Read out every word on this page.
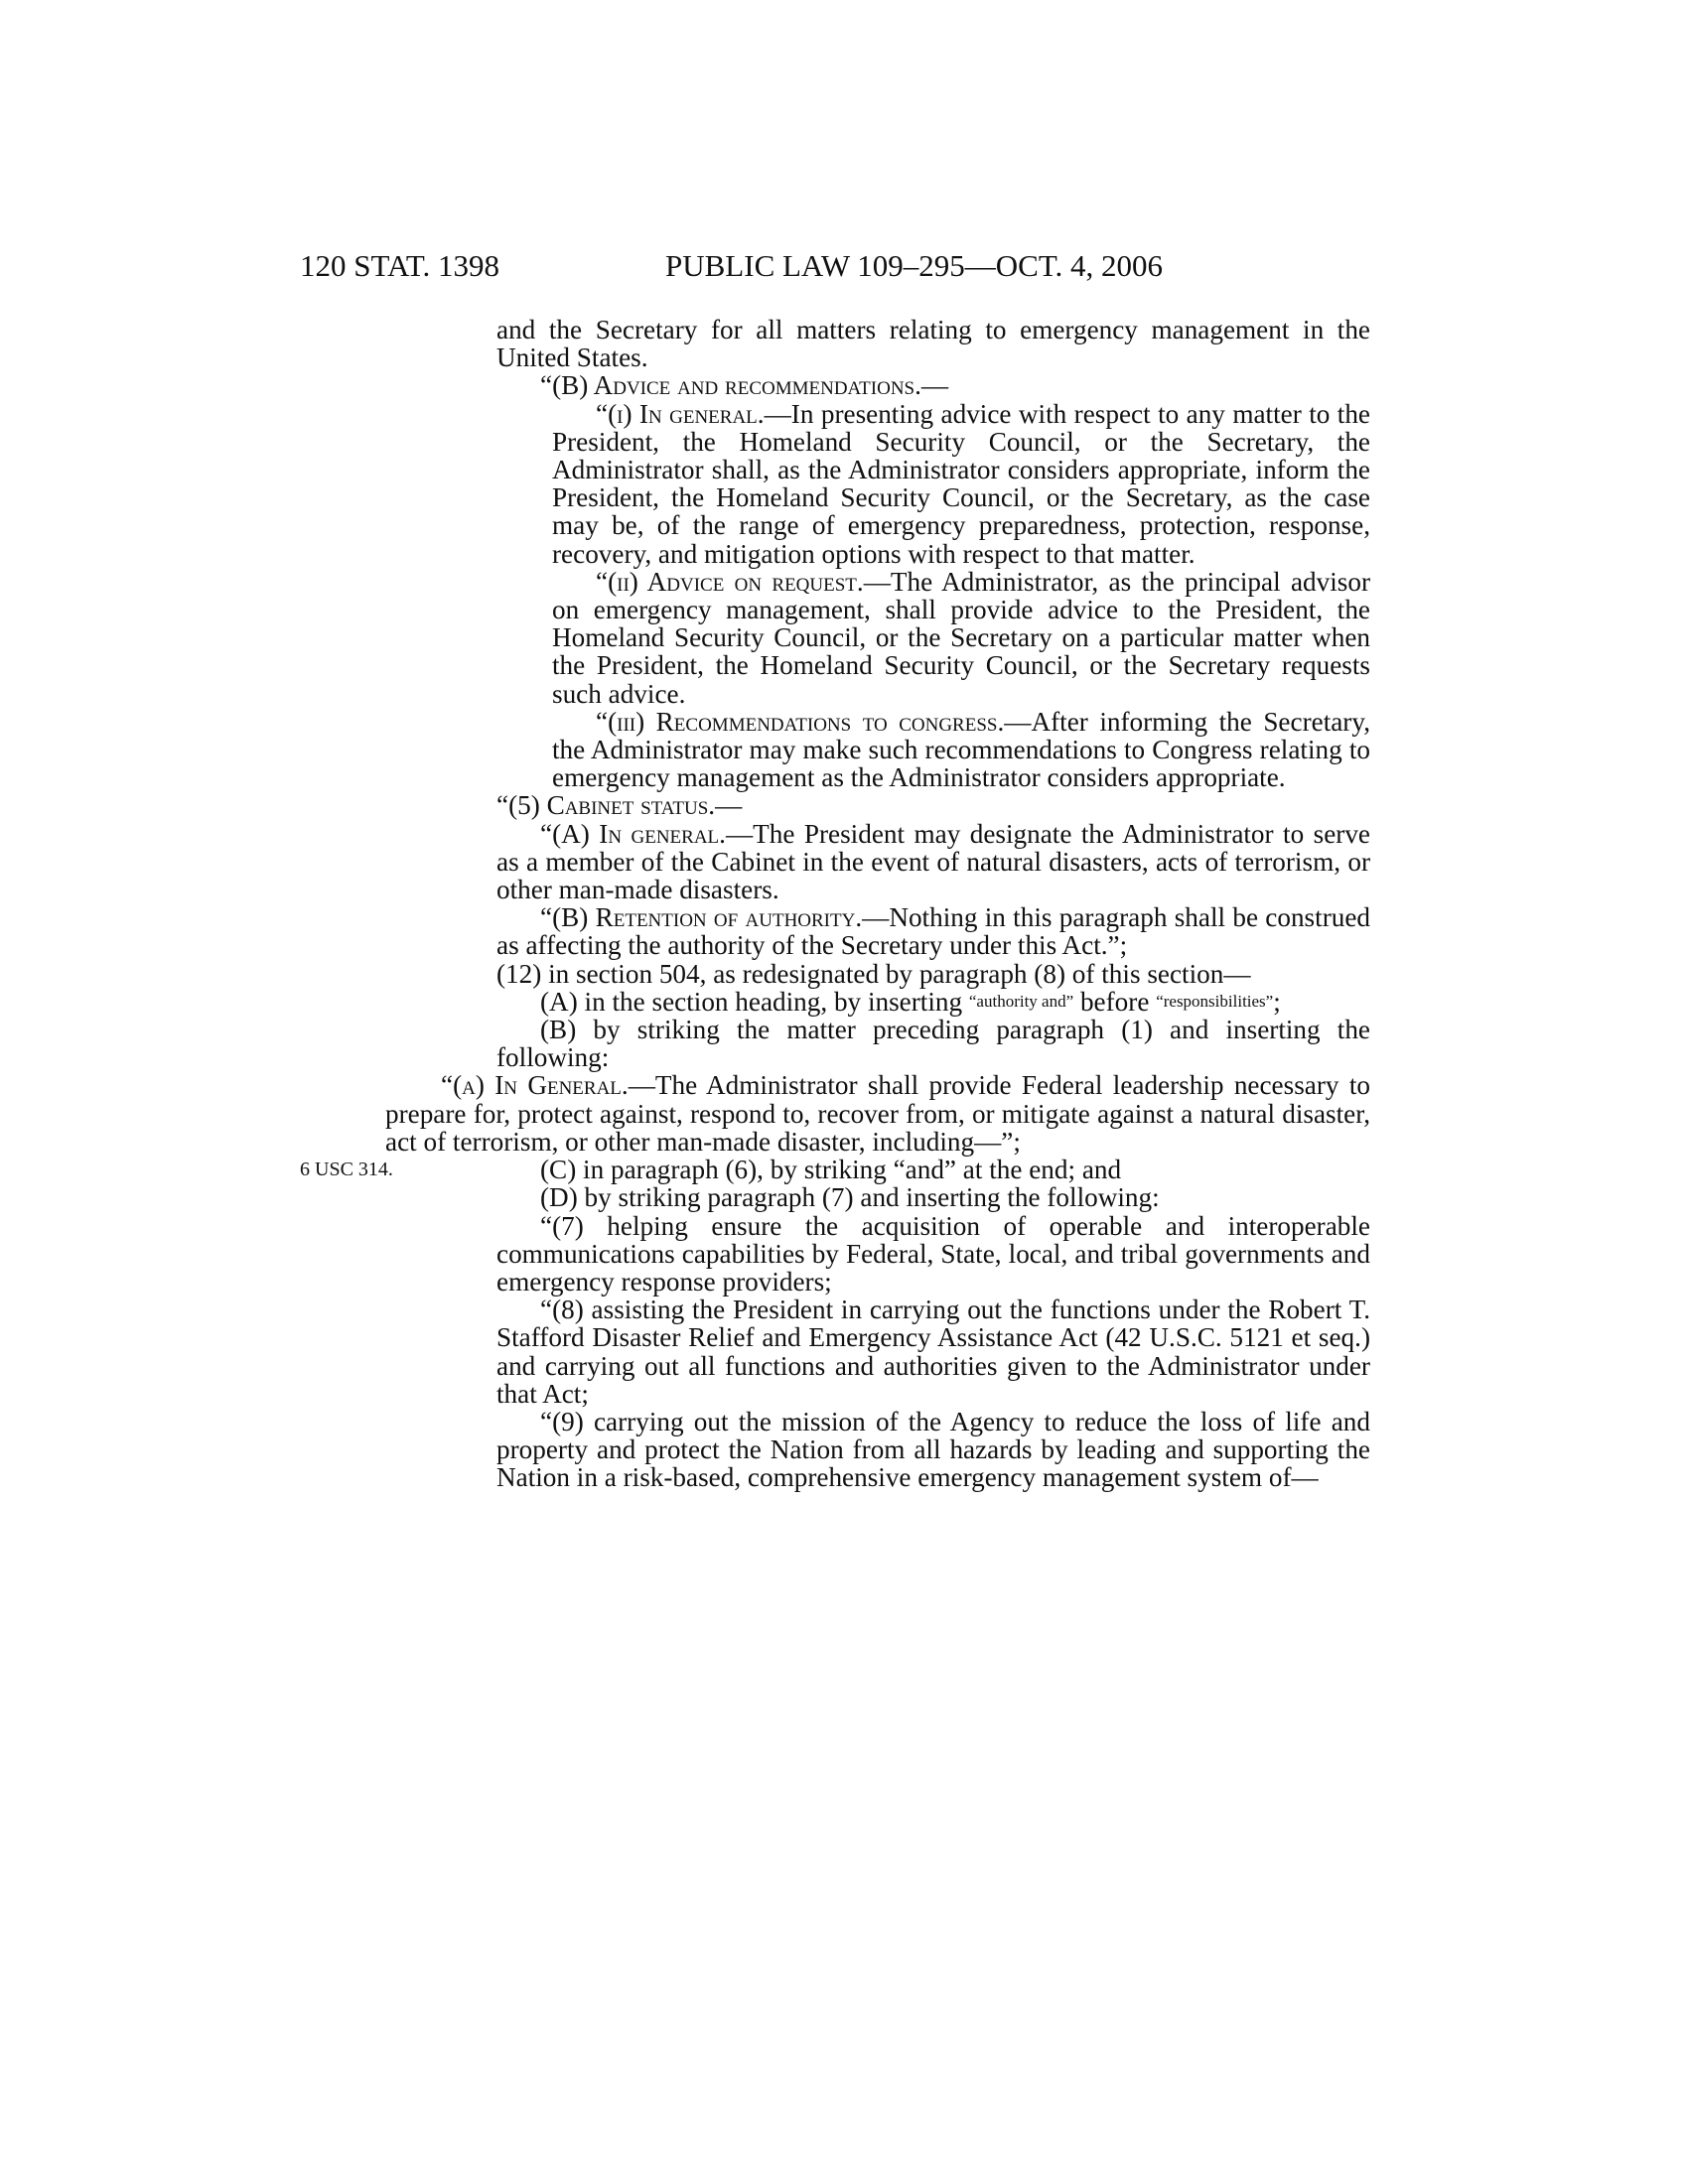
120 STAT. 1398	PUBLIC LAW 109–295—OCT. 4, 2006
6 USC 314.

and the Secretary for all matters relating to emergency management in the United States.

“(B) Advice and recommendations.—

“(i) In general.—In presenting advice with respect to any matter to the President, the Homeland Security Council, or the Secretary, the Administrator shall, as the Administrator considers appropriate, inform the President, the Homeland Security Council, or the Secretary, as the case may be, of the range of emergency preparedness, protection, response, recovery, and mitigation options with respect to that matter.

“(ii) Advice on request.—The Administrator, as the principal advisor on emergency management, shall provide advice to the President, the Homeland Security Council, or the Secretary on a particular matter when the President, the Homeland Security Council, or the Secretary requests such advice.

“(iii) Recommendations to congress.—After informing the Secretary, the Administrator may make such recommendations to Congress relating to emergency management as the Administrator considers appropriate.

“(5) Cabinet status.—

“(A) In general.—The President may designate the Administrator to serve as a member of the Cabinet in the event of natural disasters, acts of terrorism, or other man-made disasters.

“(B) Retention of authority.—Nothing in this paragraph shall be construed as affecting the authority of the Secretary under this Act.”;

(12) in section 504, as redesignated by paragraph (8) of this section—

(A) in the section heading, by inserting “authority and” before “responsibilities”;

(B) by striking the matter preceding paragraph (1) and inserting the following:

“(a) In General.—The Administrator shall provide Federal leadership necessary to prepare for, protect against, respond to, recover from, or mitigate against a natural disaster, act of terrorism, or other man-made disaster, including—”;

(C) in paragraph (6), by striking “and” at the end; and

(D) by striking paragraph (7) and inserting the following:

“(7) helping ensure the acquisition of operable and interoperable communications capabilities by Federal, State, local, and tribal governments and emergency response providers;

“(8) assisting the President in carrying out the functions under the Robert T. Stafford Disaster Relief and Emergency Assistance Act (42 U.S.C. 5121 et seq.) and carrying out all functions and authorities given to the Administrator under that Act;

“(9) carrying out the mission of the Agency to reduce the loss of life and property and protect the Nation from all hazards by leading and supporting the Nation in a risk-based, comprehensive emergency management system of—
